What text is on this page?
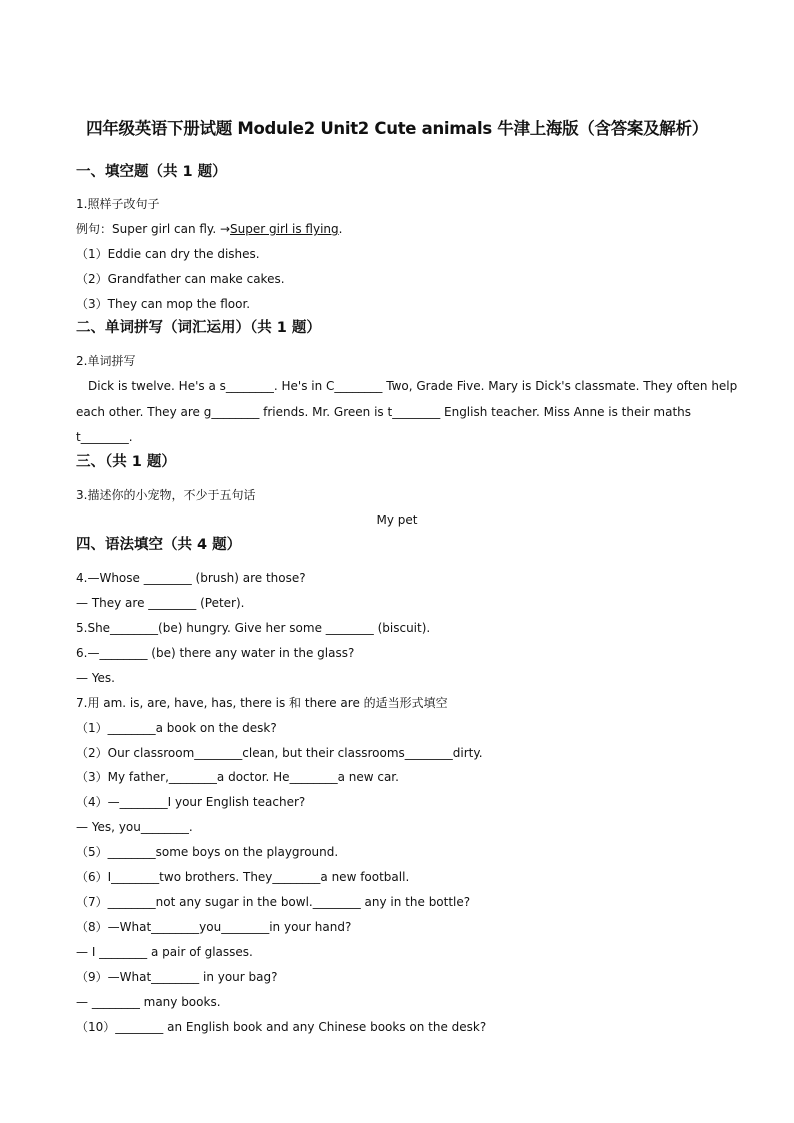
四年级英语下册试题 Module2 Unit2 Cute animals 牛津上海版（含答案及解析）
一、填空题（共 1 题）
1.照样子改句子
例句：Super girl can fly. →Super girl is flying.
（1）Eddie can dry the dishes.
（2）Grandfather can make cakes.
（3）They can mop the floor.
二、单词拼写（词汇运用）（共 1 题）
2.单词拼写
Dick is twelve. He's a s________. He's in C________ Two, Grade Five. Mary is Dick's classmate. They often help
each other. They are g________ friends. Mr. Green is t________ English teacher. Miss Anne is their maths
t________.
三、（共 1 题）
3.描述你的小宠物，不少于五句话
My pet
四、语法填空（共 4 题）
4.—Whose ________ (brush) are those?
— They are ________ (Peter).
5.She________(be) hungry. Give her some ________ (biscuit).
6.—________ (be) there any water in the glass?
— Yes.
7.用 am. is, are, have, has, there is 和 there are 的适当形式填空
（1）________a book on the desk?
（2）Our classroom________clean, but their classrooms________dirty.
（3）My father,________a doctor. He________a new car.
（4）—________I your English teacher?
— Yes, you________.
（5）________some boys on the playground.
（6）I________two brothers. They________a new football.
（7）________not any sugar in the bowl.________ any in the bottle?
（8）—What________you________in your hand?
— I ________ a pair of glasses.
（9）—What________ in your bag?
— ________ many books.
（10）________ an English book and any Chinese books on the desk?
